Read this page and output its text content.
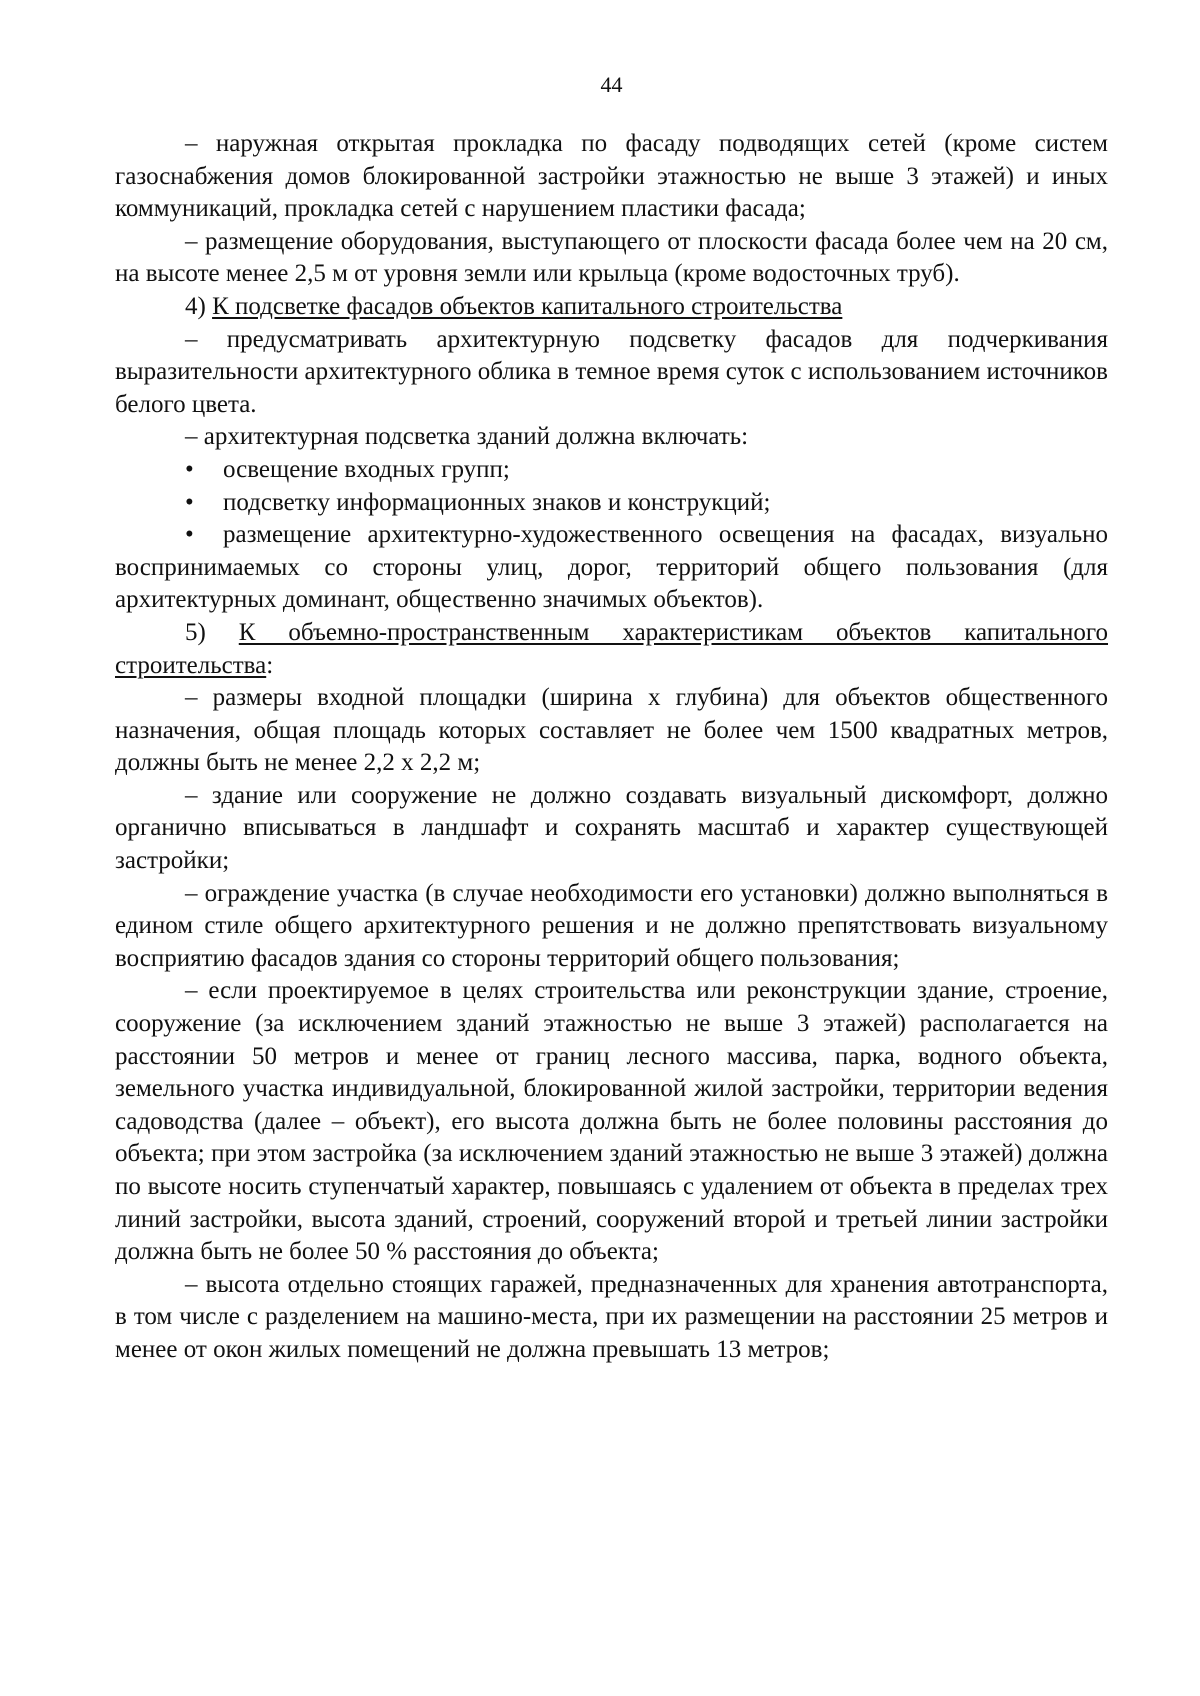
44

– наружная открытая прокладка по фасаду подводящих сетей (кроме систем газоснабжения домов блокированной застройки этажностью не выше 3 этажей) и иных коммуникаций, прокладка сетей с нарушением пластики фасада;

– размещение оборудования, выступающего от плоскости фасада более чем на 20 см, на высоте менее 2,5 м от уровня земли или крыльца (кроме водосточных труб).

4) К подсветке фасадов объектов капитального строительства

– предусматривать архитектурную подсветку фасадов для подчеркивания выразительности архитектурного облика в темное время суток с использованием источников белого цвета.

– архитектурная подсветка зданий должна включать:

•освещение входных групп;

•подсветку информационных знаков и конструкций;

•размещение архитектурно-художественного освещения на фасадах, визуально воспринимаемых со стороны улиц, дорог, территорий общего пользования (для архитектурных доминант, общественно значимых объектов).

5) К объемно-пространственным характеристикам объектов капитального строительства:

– размеры входной площадки (ширина х глубина) для объектов общественного назначения, общая площадь которых составляет не более чем 1500 квадратных метров, должны быть не менее 2,2 х 2,2 м;

– здание или сооружение не должно создавать визуальный дискомфорт, должно органично вписываться в ландшафт и сохранять масштаб и характер существующей застройки;

– ограждение участка (в случае необходимости его установки) должно выполняться в едином стиле общего архитектурного решения и не должно препятствовать визуальному восприятию фасадов здания со стороны территорий общего пользования;

– если проектируемое в целях строительства или реконструкции здание, строение, сооружение (за исключением зданий этажностью не выше 3 этажей) располагается на расстоянии 50 метров и менее от границ лесного массива, парка, водного объекта, земельного участка индивидуальной, блокированной жилой застройки, территории ведения садоводства (далее – объект), его высота должна быть не более половины расстояния до объекта; при этом застройка (за исключением зданий этажностью не выше 3 этажей) должна по высоте носить ступенчатый характер, повышаясь с удалением от объекта в пределах трех линий застройки, высота зданий, строений, сооружений второй и третьей линии застройки должна быть не более 50 % расстояния до объекта;

– высота отдельно стоящих гаражей, предназначенных для хранения автотранспорта, в том числе с разделением на машино-места, при их размещении на расстоянии 25 метров и менее от окон жилых помещений не должна превышать 13 метров;
